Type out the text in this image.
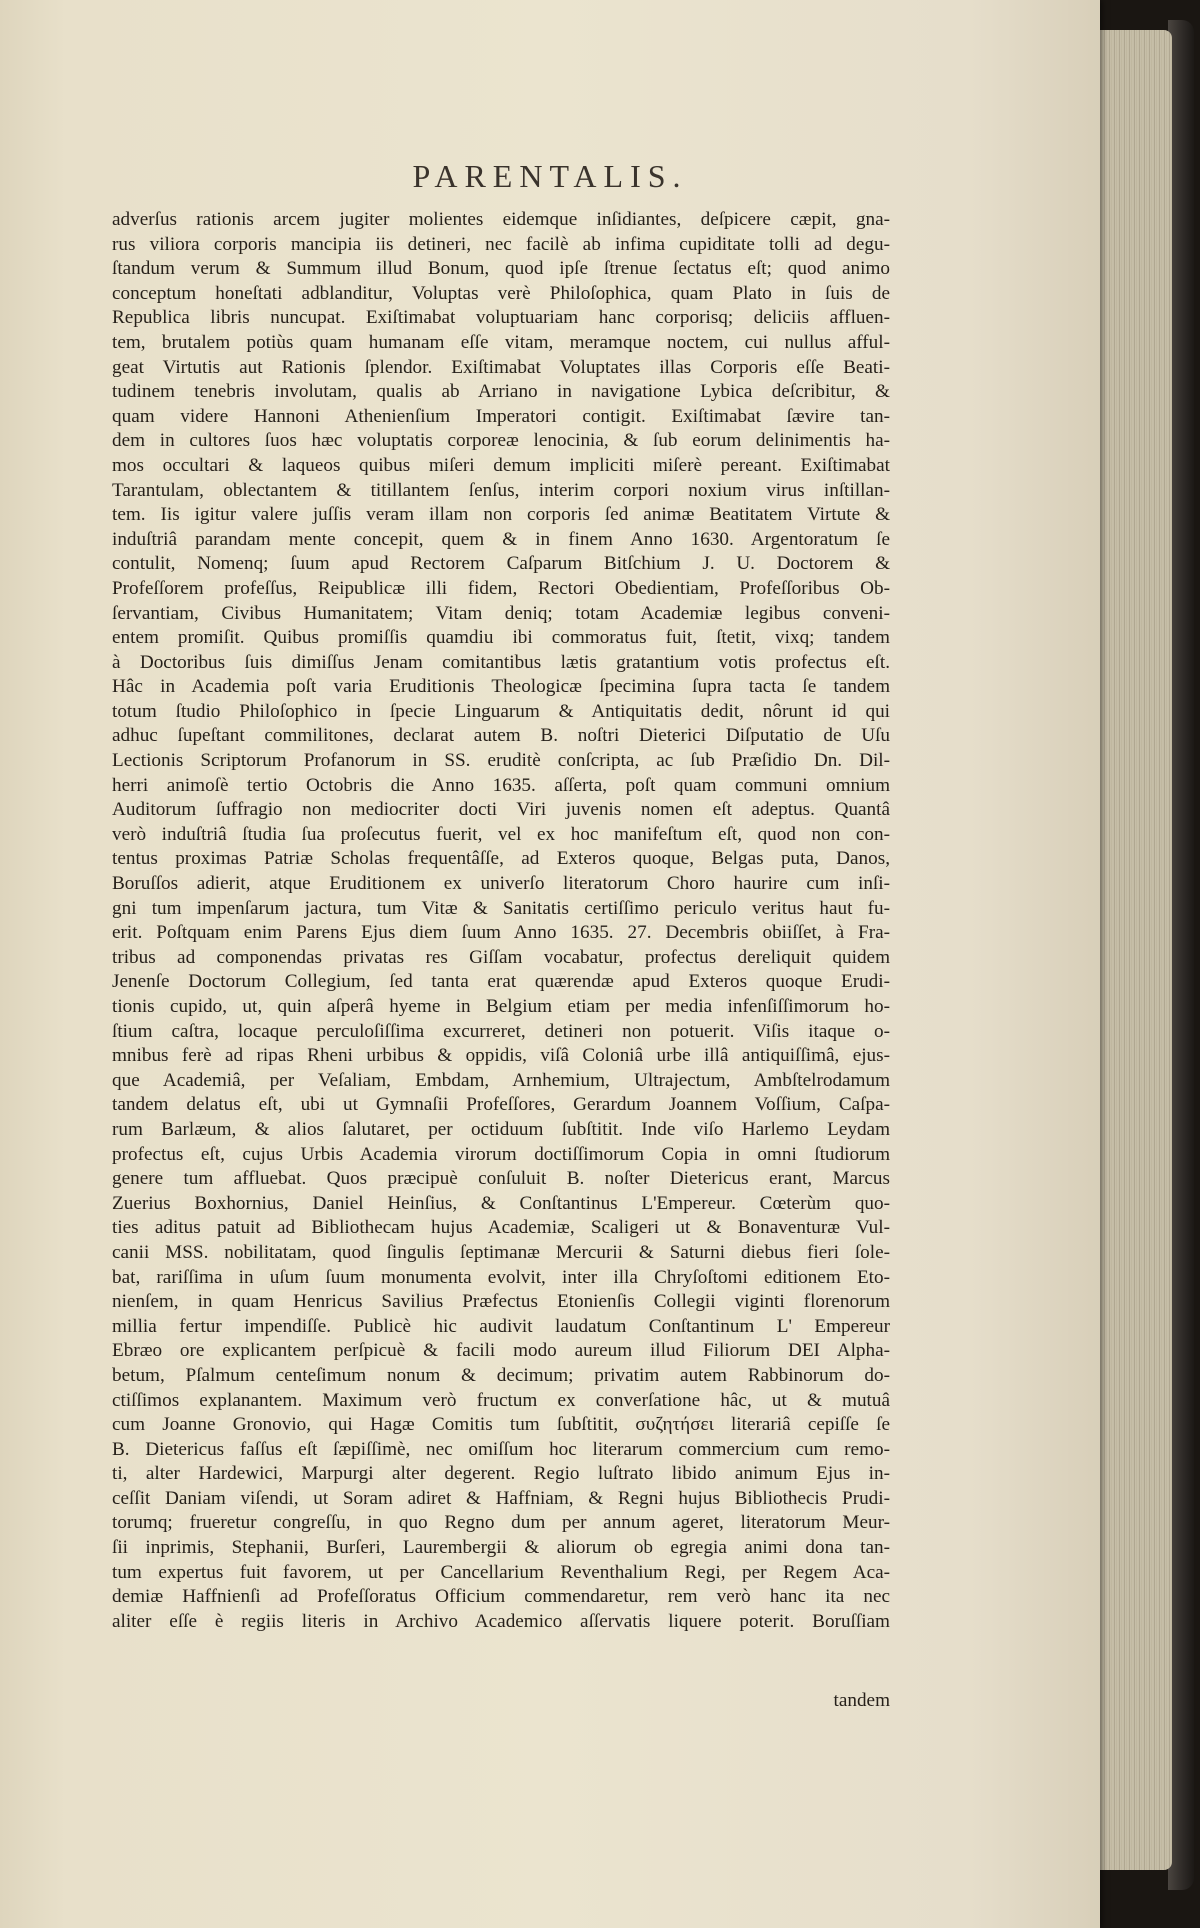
PARENTALIS.
adverſus rationis arcem jugiter molientes eidemque inſidiantes, deſpicere cæpit, gna-
rus viliora corporis mancipia iis detineri, nec facilè ab infima cupiditate tolli ad degu-
ſtandum verum & Summum illud Bonum, quod ipſe ſtrenue ſectatus eſt; quod animo
conceptum honeſtati adblanditur, Voluptas verè Philoſophica, quam Plato in ſuis de
Republica libris nuncupat. Exiſtimabat voluptuariam hanc corporisq; deliciis affluen-
tem, brutalem potiùs quam humanam eſſe vitam, meramque noctem, cui nullus afful-
geat Virtutis aut Rationis ſplendor. Exiſtimabat Voluptates illas Corporis eſſe Beati-
tudinem tenebris involutam, qualis ab Arriano in navigatione Lybica deſcribitur, &
quam videre Hannoni Athenienſium Imperatori contigit. Exiſtimabat ſævire tan-
dem in cultores ſuos hæc voluptatis corporeæ lenocinia, & ſub eorum delinimentis ha-
mos occultari & laqueos quibus miſeri demum impliciti miſerè pereant. Exiſtimabat
Tarantulam, oblectantem & titillantem ſenſus, interim corpori noxium virus inſtillan-
tem. Iis igitur valere juſſis veram illam non corporis ſed animæ Beatitatem Virtute &
induſtriâ parandam mente concepit, quem & in finem Anno 1630. Argentoratum ſe
contulit, Nomenq; ſuum apud Rectorem Caſparum Bitſchium J. U. Doctorem &
Profeſſorem profeſſus, Reipublicæ illi fidem, Rectori Obedientiam, Profeſſoribus Ob-
ſervantiam, Civibus Humanitatem; Vitam deniq; totam Academiæ legibus conveni-
entem promiſit. Quibus promiſſis quamdiu ibi commoratus fuit, ſtetit, vixq; tandem
à Doctoribus ſuis dimiſſus Jenam comitantibus lætis gratantium votis profectus eſt.
Hâc in Academia poſt varia Eruditionis Theologicæ ſpecimina ſupra tacta ſe tandem
totum ſtudio Philoſophico in ſpecie Linguarum & Antiquitatis dedit, nôrunt id qui
adhuc ſupeſtant commilitones, declarat autem B. noſtri Dieterici Diſputatio de Uſu
Lectionis Scriptorum Profanorum in SS. eruditè conſcripta, ac ſub Præſidio Dn. Dil-
herri animoſè tertio Octobris die Anno 1635. aſſerta, poſt quam communi omnium
Auditorum ſuffragio non mediocriter docti Viri juvenis nomen eſt adeptus. Quantâ
verò induſtriâ ſtudia ſua proſecutus fuerit, vel ex hoc manifeſtum eſt, quod non con-
tentus proximas Patriæ Scholas frequentâſſe, ad Exteros quoque, Belgas puta, Danos,
Boruſſos adierit, atque Eruditionem ex univerſo literatorum Choro haurire cum inſi-
gni tum impenſarum jactura, tum Vitæ & Sanitatis certiſſimo periculo veritus haut fu-
erit. Poſtquam enim Parens Ejus diem ſuum Anno 1635. 27. Decembris obiiſſet, à Fra-
tribus ad componendas privatas res Giſſam vocabatur, profectus dereliquit quidem
Jenenſe Doctorum Collegium, ſed tanta erat quærendæ apud Exteros quoque Erudi-
tionis cupido, ut, quin aſperâ hyeme in Belgium etiam per media infenſiſſimorum ho-
ſtium caſtra, locaque perculoſiſſima excurreret, detineri non potuerit. Viſis itaque o-
mnibus ferè ad ripas Rheni urbibus & oppidis, viſâ Coloniâ urbe illâ antiquiſſimâ, ejus-
que Academiâ, per Veſaliam, Embdam, Arnhemium, Ultrajectum, Ambſtelrodamum
tandem delatus eſt, ubi ut Gymnaſii Profeſſores, Gerardum Joannem Voſſium, Caſpa-
rum Barlæum, & alios ſalutaret, per octiduum ſubſtitit. Inde viſo Harlemo Leydam
profectus eſt, cujus Urbis Academia virorum doctiſſimorum Copia in omni ſtudiorum
genere tum affluebat. Quos præcipuè conſuluit B. noſter Dietericus erant, Marcus
Zuerius Boxhornius, Daniel Heinſius, & Conſtantinus L'Empereur. Cœterùm quo-
ties aditus patuit ad Bibliothecam hujus Academiæ, Scaligeri ut & Bonaventuræ Vul-
canii MSS. nobilitatam, quod ſingulis ſeptimanæ Mercurii & Saturni diebus fieri ſole-
bat, rariſſima in uſum ſuum monumenta evolvit, inter illa Chryſoſtomi editionem Eto-
nienſem, in quam Henricus Savilius Præfectus Etonienſis Collegii viginti florenorum
millia fertur impendiſſe. Publicè hic audivit laudatum Conſtantinum L' Empereur
Ebræo ore explicantem perſpicuè & facili modo aureum illud Filiorum DEI Alpha-
betum, Pſalmum centeſimum nonum & decimum; privatim autem Rabbinorum do-
ctiſſimos explanantem. Maximum verò fructum ex converſatione hâc, ut & mutuâ
cum Joanne Gronovio, qui Hagæ Comitis tum ſubſtitit, συζητήσει literariâ cepiſſe ſe
B. Dietericus faſſus eſt ſæpiſſimè, nec omiſſum hoc literarum commercium cum remo-
ti, alter Hardewici, Marpurgi alter degerent. Regio luſtrato libido animum Ejus in-
ceſſit Daniam viſendi, ut Soram adiret & Haffniam, & Regni hujus Bibliothecis Prudi-
torumq; frueretur congreſſu, in quo Regno dum per annum ageret, literatorum Meur-
ſii inprimis, Stephanii, Burſeri, Laurembergii & aliorum ob egregia animi dona tan-
tum expertus fuit favorem, ut per Cancellarium Reventhalium Regi, per Regem Aca-
demiæ Haffnienſi ad Profeſſoratus Officium commendaretur, rem verò hanc ita nec
aliter eſſe è regiis literis in Archivo Academico aſſervatis liquere poterit. Boruſſiam
tandem
